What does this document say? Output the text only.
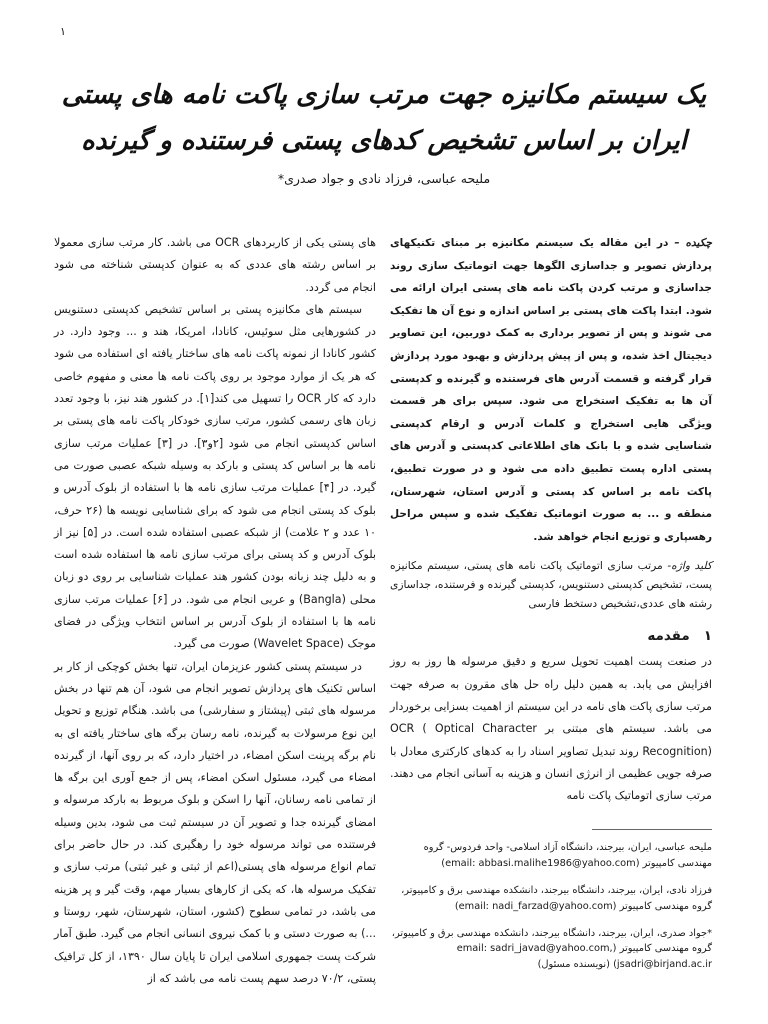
۱
یک سیستم مکانیزه جهت مرتب سازی پاکت نامه های پستی ایران بر اساس تشخیص کدهای پستی فرستنده و گیرنده
ملیحه عباسی، فرزاد نادی و جواد صدری*

چکیده – در این مقاله یک سیستم مکانیزه بر مبنای تکنیکهای پردازش تصویر و جداسازی الگوها جهت اتوماتیک سازی روند جداسازی و مرتب کردن پاکت نامه های پستی ایران ارائه می شود. ابتدا پاکت های پستی بر اساس اندازه و نوع آن ها تفکیک می شوند و پس از تصویر برداری به کمک دوربین، این تصاویر دیجیتال اخذ شده، و پس از پیش پردازش و بهبود مورد پردازش قرار گرفته و قسمت آدرس های فرستنده و گیرنده و کدپستی آن ها به تفکیک استخراج می شود. سپس برای هر قسمت ویژگی هایی استخراج و کلمات آدرس و ارقام کدپستی شناسایی شده و با بانک های اطلاعاتی کدپستی و آدرس های پستی اداره پست تطبیق داده می شود و در صورت تطبیق، پاکت نامه بر اساس کد پستی و آدرس استان، شهرستان، منطقه و ... به صورت اتوماتیک تفکیک شده و سپس مراحل رهسپاری و توزیع انجام خواهد شد.

کلید واژه- مرتب سازی اتوماتیک پاکت نامه های پستی، سیستم مکانیزه پست، تشخیص کدپستی دستنویس، کدپستی گیرنده و فرستنده، جداسازی رشته های عددی،تشخیص دستخط فارسی

۱مقدمه

در صنعت پست اهمیت تحویل سریع و دقیق مرسوله ها روز به روز افزایش می یابد. به همین دلیل راه حل های مقرون به صرفه جهت مرتب سازی پاکت های نامه در این سیستم از اهمیت بسزایی برخوردار می باشد. سیستم های مبتنی بر OCR ( Optical Character Recognition) روند تبدیل تصاویر اسناد را به کدهای کارکتری معادل با صرفه جویی عظیمی از انرژی انسان و هزینه به آسانی انجام می دهند. مرتب سازی اتوماتیک پاکت نامه

ملیحه عباسی، ایران، بیرجند، دانشگاه آزاد اسلامی- واحد فردوس- گروه مهندسی کامپیوتر (email: abbasi.malihe1986@yahoo.com)

فرزاد نادی، ایران، بیرجند، دانشگاه بیرجند، دانشکده مهندسی برق و کامپیوتر، گروه مهندسی کامپیوتر (email: nadi_farzad@yahoo.com)

*جواد صدری، ایران، بیرجند، دانشگاه بیرجند، دانشکده مهندسی برق و کامپیوتر، گروه مهندسی کامپیوتر (email: sadri_javad@yahoo.com, jsadri@birjand.ac.ir) (نویسنده مسئول)

های پستی یکی از کاربردهای OCR می باشد. کار مرتب سازی معمولا بر اساس رشته های عددی که به عنوان کدپستی شناخته می شود انجام می گردد.

سیستم های مکانیزه پستی بر اساس تشخیص کدپستی دستنویس در کشورهایی مثل سوئیس، کانادا، امریکا، هند و ... وجود دارد. در کشور کانادا از نمونه پاکت نامه های ساختار یافته ای استفاده می شود که هر یک از موارد موجود بر روی پاکت نامه ها معنی و مفهوم خاصی دارد که کار OCR را تسهیل می کند[۱]. در کشور هند نیز، با وجود تعدد زبان های رسمی کشور، مرتب سازی خودکار پاکت نامه های پستی بر اساس کدپستی انجام می شود [۲و۳]. در [۳] عملیات مرتب سازی نامه ها بر اساس کد پستی و بارکد به وسیله شبکه عصبی صورت می گیرد. در [۴] عملیات مرتب سازی نامه ها با استفاده از بلوک آدرس و بلوک کد پستی انجام می شود که برای شناسایی نویسه ها (۲۶ حرف، ۱۰ عدد و ۲ علامت) از شبکه عصبی استفاده شده است. در [۵] نیز از بلوک آدرس و کد پستی برای مرتب سازی نامه ها استفاده شده است و به دلیل چند زبانه بودن کشور هند عملیات شناسایی بر روی دو زبان محلی (Bangla) و عربی انجام می شود. در [۶] عملیات مرتب سازی نامه ها با استفاده از بلوک آدرس بر اساس انتخاب ویژگی در فضای موجک (Wavelet Space) صورت می گیرد.

در سیستم پستی کشور عزیزمان ایران، تنها بخش کوچکی از کار بر اساس تکنیک های پردازش تصویر انجام می شود، آن هم تنها در بخش مرسوله های ثبتی (پیشتاز و سفارشی) می باشد. هنگام توزیع و تحویل این نوع مرسولات به گیرنده، نامه رسان برگه های ساختار یافته ای به نام برگه پرینت اسکن امضاء، در اختیار دارد، که بر روی آنها، از گیرنده امضاء می گیرد، مسئول اسکن امضاء، پس از جمع آوری این برگه ها از تمامی نامه رسانان، آنها را اسکن و بلوک مربوط به بارکد مرسوله و امضای گیرنده جدا و تصویر آن در سیستم ثبت می شود، بدین وسیله فرستنده می تواند مرسوله خود را رهگیری کند. در حال حاضر برای تمام انواع مرسوله های پستی(اعم از ثبتی و غیر ثبتی) مرتب سازی و تفکیک مرسوله ها، که یکی از کارهای بسیار مهم، وقت گیر و پر هزینه می باشد، در تمامی سطوح (کشور، استان، شهرستان، شهر، روستا و ...) به صورت دستی و با کمک نیروی انسانی انجام می گیرد. طبق آمار شرکت پست جمهوری اسلامی ایران تا پایان سال ۱۳۹۰، از کل ترافیک پستی، ۷۰/۲ درصد سهم پست نامه می باشد که از
